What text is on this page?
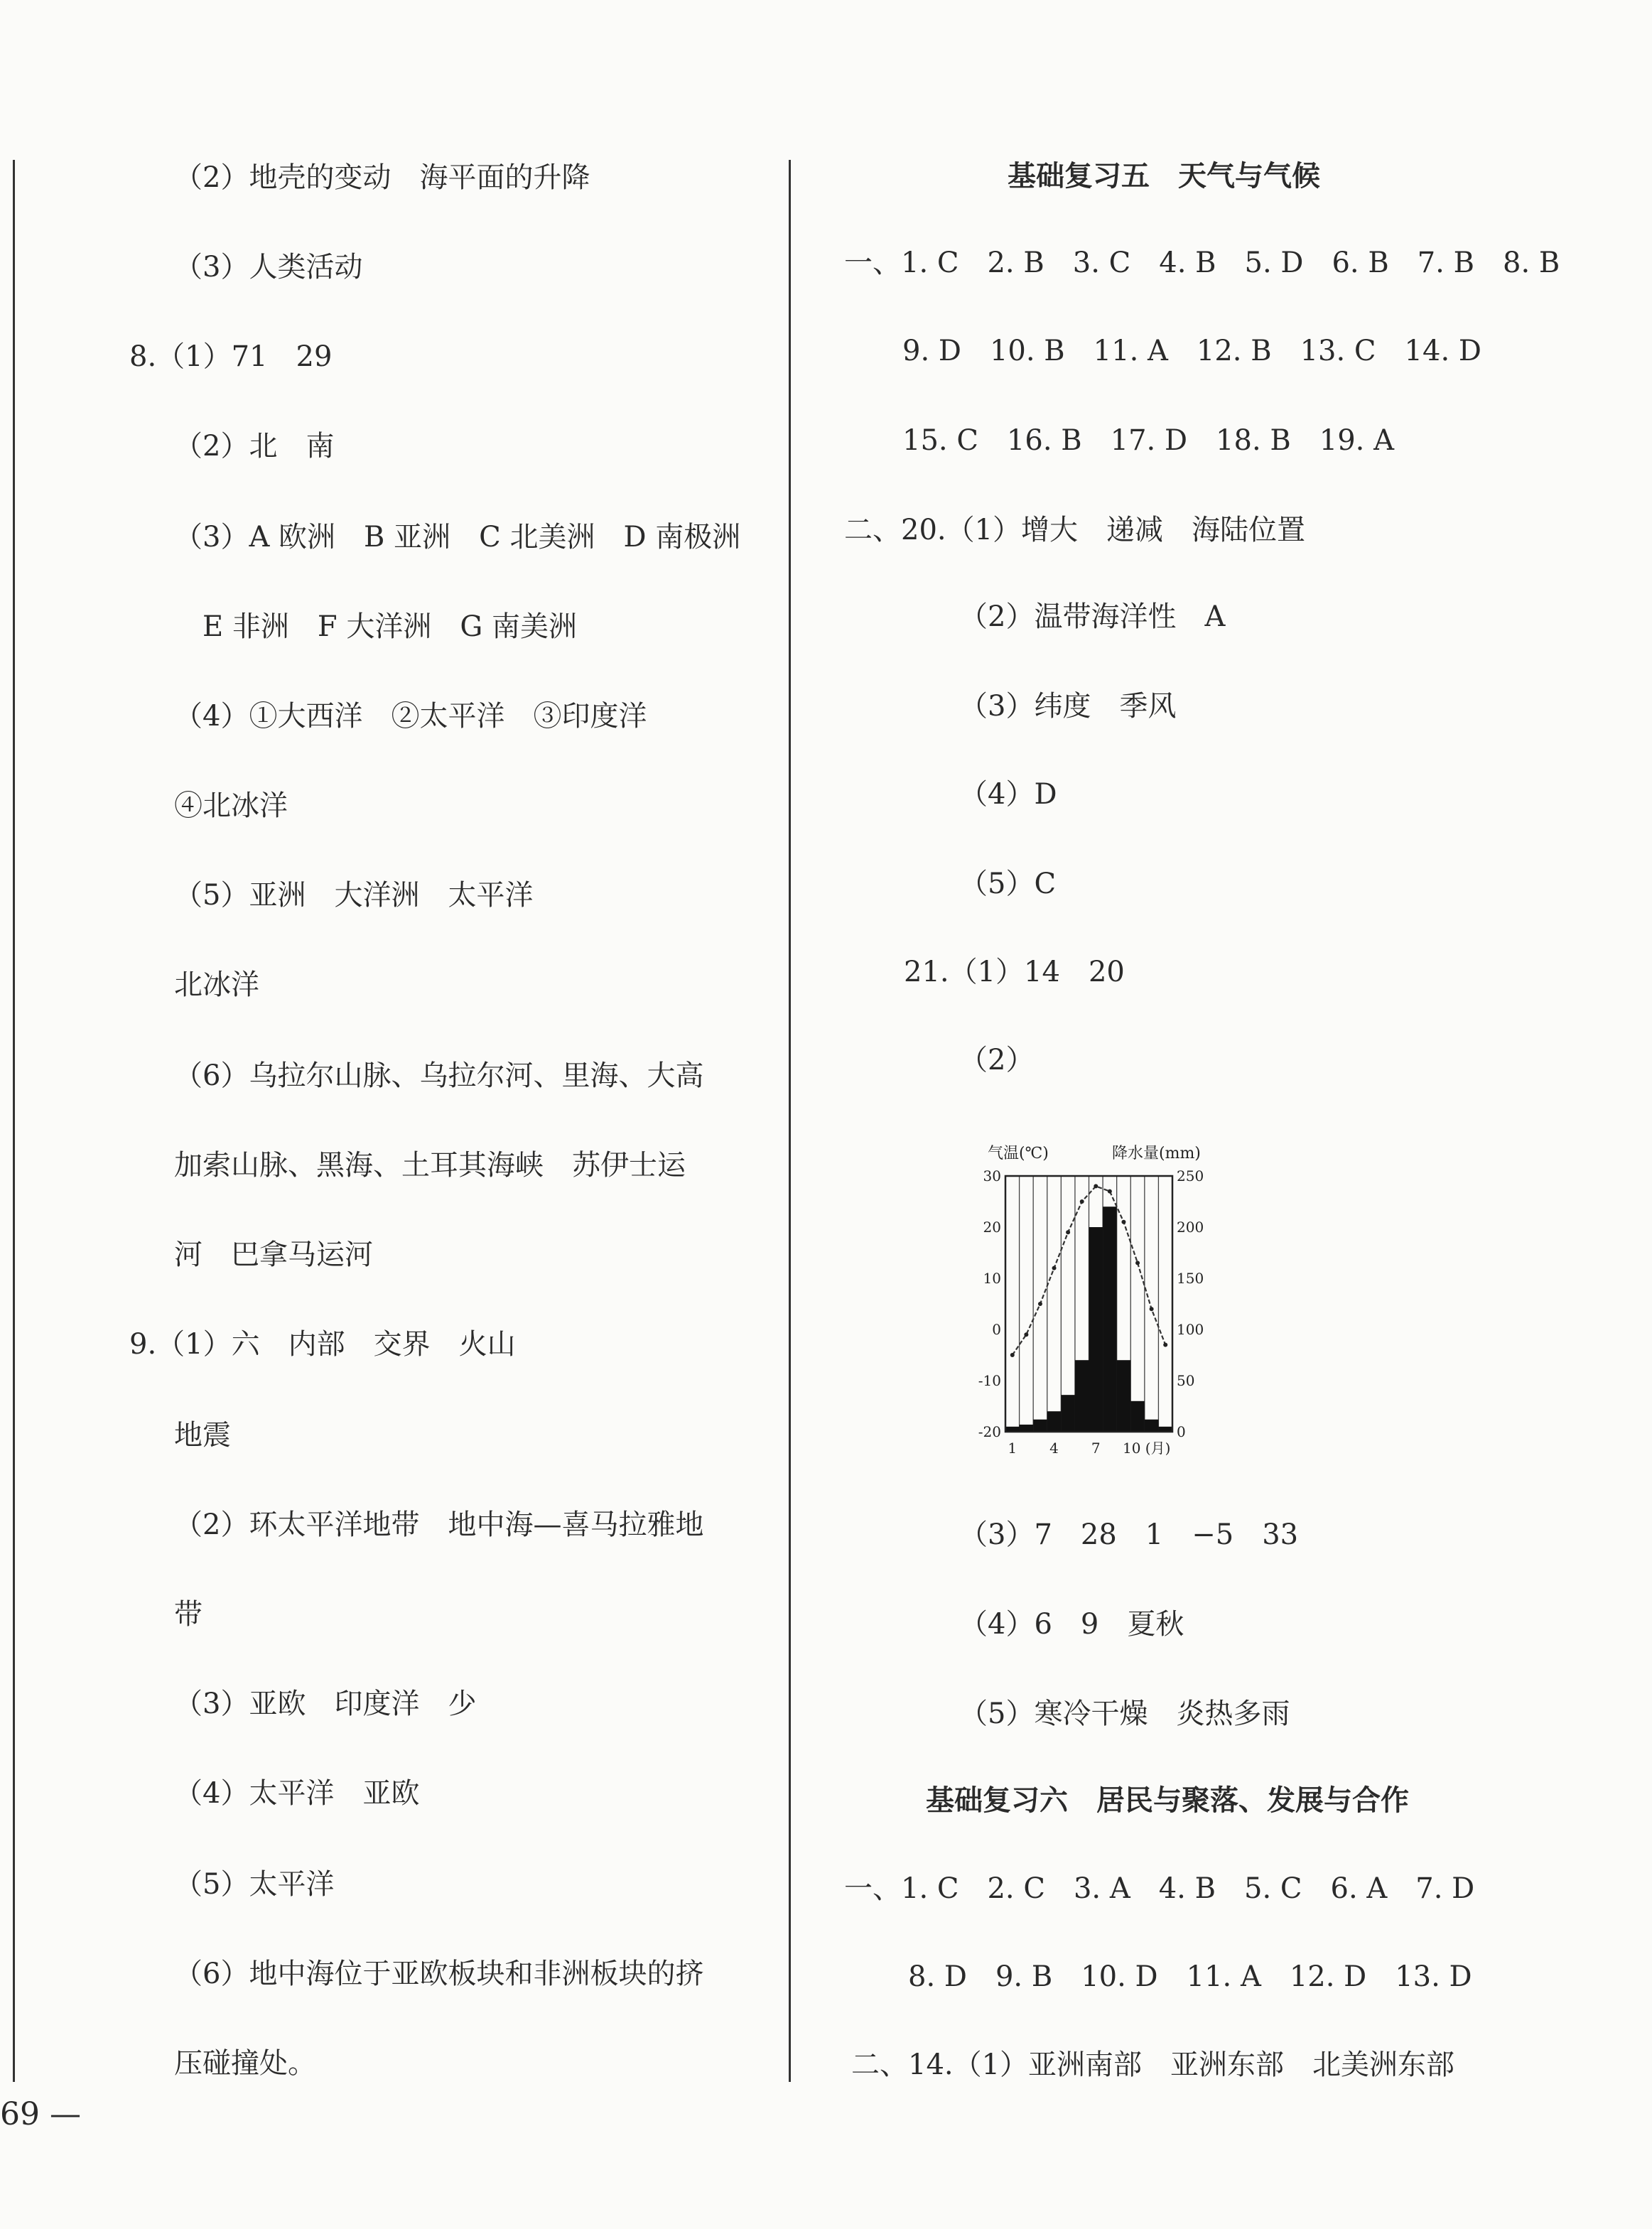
（2）地壳的变动　海平面的升降
（3）人类活动
8.（1）71　29
（2）北　南
（3）A 欧洲　B 亚洲　C 北美洲　D 南极洲
E 非洲　F 大洋洲　G 南美洲
（4）①大西洋　②太平洋　③印度洋
④北冰洋
（5）亚洲　大洋洲　太平洋
北冰洋
（6）乌拉尔山脉、乌拉尔河、里海、大高
加索山脉、黑海、土耳其海峡　苏伊士运
河　巴拿马运河
9.（1）六　内部　交界　火山
地震
（2）环太平洋地带　地中海—喜马拉雅地
带
（3）亚欧　印度洋　少
（4）太平洋　亚欧
（5）太平洋
（6）地中海位于亚欧板块和非洲板块的挤
压碰撞处。
基础复习五　天气与气候
一、1. C　2. B　3. C　4. B　5. D　6. B　7. B　8. B
9. D　10. B　11. A　12. B　13. C　14. D
15. C　16. B　17. D　18. B　19. A
二、20.（1）增大　递减　海陆位置
（2）温带海洋性　A
（3）纬度　季风
（4）D
（5）C
21.（1）14　20
（2）
30
20
10
0
-10
-20
250
200
150
100
50
0
1 4 7
气温(℃)	降水量(mm)
10 (月)
（3）7　28　1　−5　33
（4）6　9　夏秋
（5）寒冷干燥　炎热多雨
基础复习六　居民与聚落、发展与合作
一、1. C　2. C　3. A　4. B　5. C　6. A　7. D
8. D　9. B　10. D　11. A　12. D　13. D
二、14.（1）亚洲南部　亚洲东部　北美洲东部
69 —
